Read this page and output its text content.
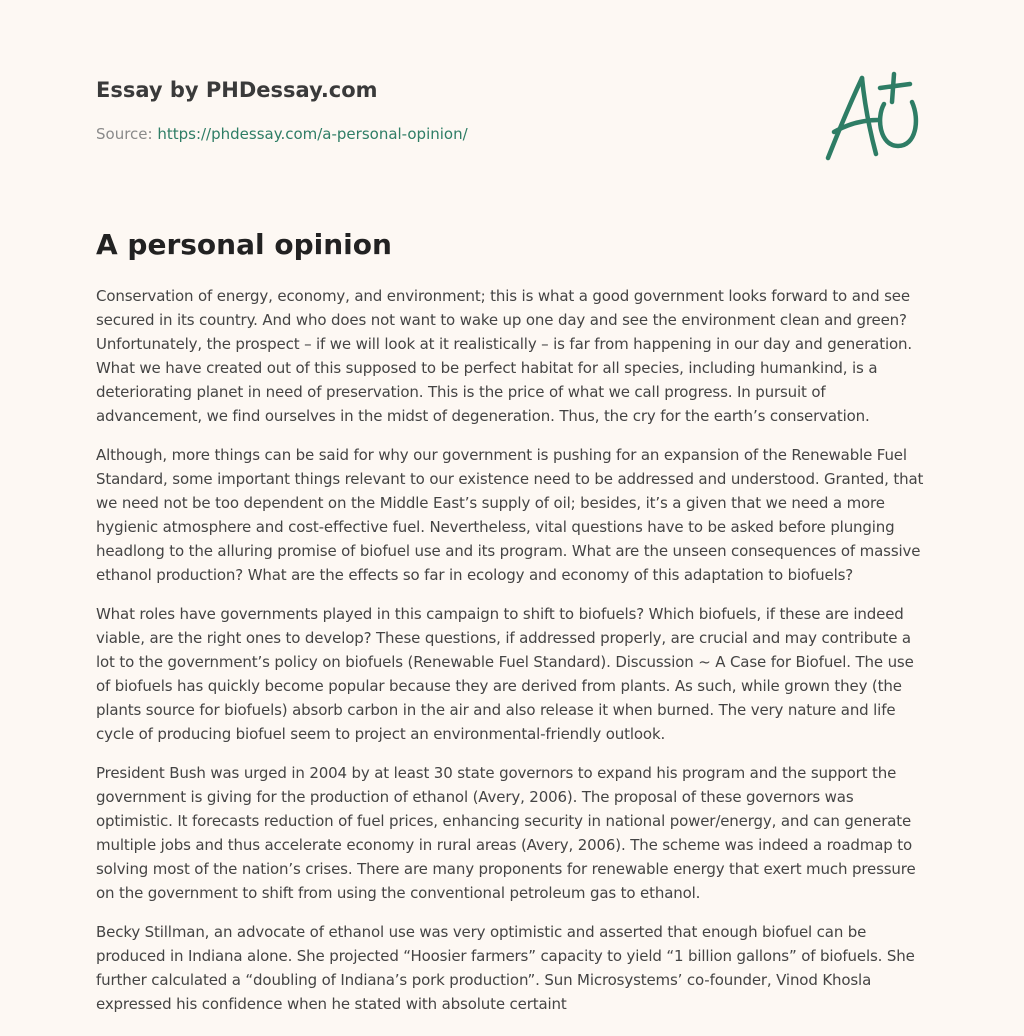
Essay by PHDessay.com
Source: https://phdessay.com/a-personal-opinion/
A personal opinion

Conservation of energy, economy, and environment; this is what a good government looks forward to and see secured in its country. And who does not want to wake up one day and see the environment clean and green? Unfortunately, the prospect – if we will look at it realistically – is far from happening in our day and generation. What we have created out of this supposed to be perfect habitat for all species, including humankind, is a deteriorating planet in need of preservation. This is the price of what we call progress. In pursuit of advancement, we find ourselves in the midst of degeneration. Thus, the cry for the earth’s conservation.

Although, more things can be said for why our government is pushing for an expansion of the Renewable Fuel Standard, some important things relevant to our existence need to be addressed and understood. Granted, that we need not be too dependent on the Middle East’s supply of oil; besides, it’s a given that we need a more hygienic atmosphere and cost-effective fuel. Nevertheless, vital questions have to be asked before plunging headlong to the alluring promise of biofuel use and its program. What are the unseen consequences of massive ethanol production? What are the effects so far in ecology and economy of this adaptation to biofuels?

What roles have governments played in this campaign to shift to biofuels? Which biofuels, if these are indeed viable, are the right ones to develop? These questions, if addressed properly, are crucial and may contribute a lot to the government’s policy on biofuels (Renewable Fuel Standard). Discussion ~ A Case for Biofuel. The use of biofuels has quickly become popular because they are derived from plants. As such, while grown they (the plants source for biofuels) absorb carbon in the air and also release it when burned. The very nature and life cycle of producing biofuel seem to project an environmental-friendly outlook.

President Bush was urged in 2004 by at least 30 state governors to expand his program and the support the government is giving for the production of ethanol (Avery, 2006). The proposal of these governors was optimistic. It forecasts reduction of fuel prices, enhancing security in national power/energy, and can generate multiple jobs and thus accelerate economy in rural areas (Avery, 2006). The scheme was indeed a roadmap to solving most of the nation’s crises. There are many proponents for renewable energy that exert much pressure on the government to shift from using the conventional petroleum gas to ethanol.

Becky Stillman, an advocate of ethanol use was very optimistic and asserted that enough biofuel can be produced in Indiana alone. She projected “Hoosier farmers” capacity to yield “1 billion gallons” of biofuels. She further calculated a “doubling of Indiana’s pork production”. Sun Microsystems’ co-founder, Vinod Khosla expressed his confidence when he stated with absolute certaint
